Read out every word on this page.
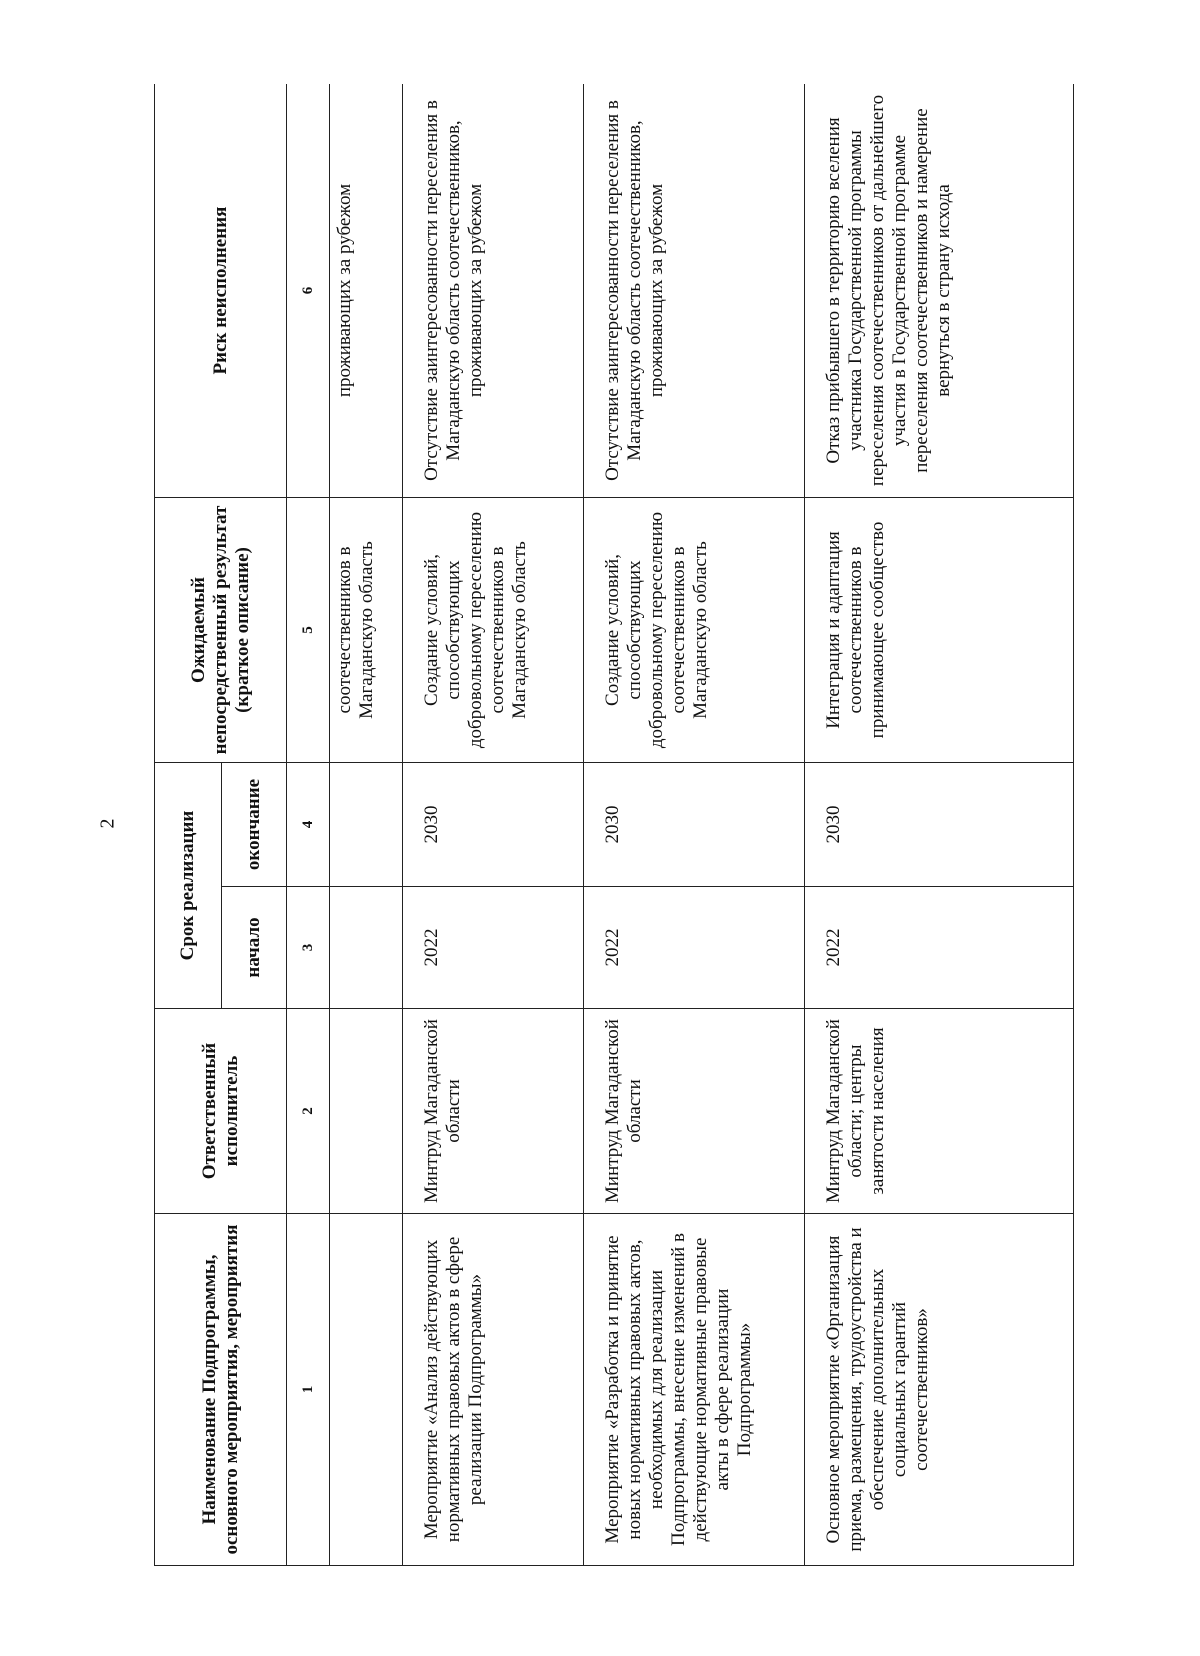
2
Наименование Подпрограммы, основного мероприятия, мероприятия	Ответственный исполнитель	Срок реализации		Ожидаемый непосредственный результат (краткое описание)	Риск неисполнения
		начало	окончание		
1	2	3	4	5	6
				соотечественников в Магаданскую область	проживающих за рубежом
Мероприятие «Анализ действующих нормативных правовых актов в сфере реализации Подпрограммы»	Минтруд Магаданской области	2022	2030	Создание условий, способствующих добровольному переселению соотечественников в Магаданскую область	Отсутствие заинтересованности переселения в Магаданскую область соотечественников, проживающих за рубежом
Мероприятие «Разработка и принятие новых нормативных правовых актов, необходимых для реализации Подпрограммы, внесение изменений в действующие нормативные правовые акты в сфере реализации Подпрограммы»	Минтруд Магаданской области	2022	2030	Создание условий, способствующих добровольному переселению соотечественников в Магаданскую область	Отсутствие заинтересованности переселения в Магаданскую область соотечественников, проживающих за рубежом
Основное мероприятие «Организация приема, размещения, трудоустройства и обеспечение дополнительных социальных гарантий соотечественников»	Минтруд Магаданской области; центры занятости населения	2022	2030	Интеграция и адаптация соотечественников в принимающее сообщество	Отказ прибывшего в территорию вселения участника Государственной программы переселения соотечественников от дальнейшего участия в Государственной программе переселения соотечественников и намерение вернуться в страну исхода
